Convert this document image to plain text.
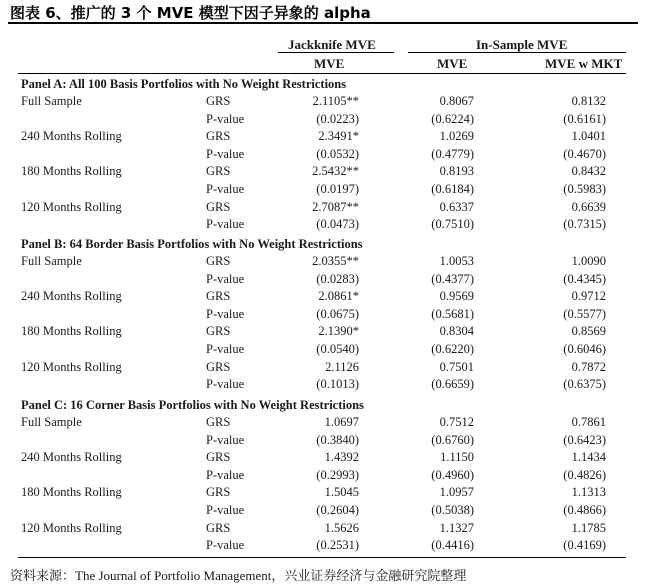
图表 6、推广的 3 个 MVE 模型下因子异象的 alpha
Jackknife MVE	In-Sample MVE
MVE	MVE	MVE w MKT
Panel A: All 100 Basis Portfolios with No Weight Restrictions
Full Sample	GRS	2.1105**	0.8067	0.8132
P-value	(0.0223)	(0.6224)	(0.6161)
240 Months Rolling	GRS	2.3491*	1.0269	1.0401
P-value	(0.0532)	(0.4779)	(0.4670)
180 Months Rolling	GRS	2.5432**	0.8193	0.8432
P-value	(0.0197)	(0.6184)	(0.5983)
120 Months Rolling	GRS	2.7087**	0.6337	0.6639
P-value	(0.0473)	(0.7510)	(0.7315)
Panel B: 64 Border Basis Portfolios with No Weight Restrictions
Full Sample	GRS	2.0355**	1.0053	1.0090
P-value	(0.0283)	(0.4377)	(0.4345)
240 Months Rolling	GRS	2.0861*	0.9569	0.9712
P-value	(0.0675)	(0.5681)	(0.5577)
180 Months Rolling	GRS	2.1390*	0.8304	0.8569
P-value	(0.0540)	(0.6220)	(0.6046)
120 Months Rolling	GRS	2.1126	0.7501	0.7872
P-value	(0.1013)	(0.6659)	(0.6375)
Panel C: 16 Corner Basis Portfolios with No Weight Restrictions
Full Sample	GRS	1.0697	0.7512	0.7861
P-value	(0.3840)	(0.6760)	(0.6423)
240 Months Rolling	GRS	1.4392	1.1150	1.1434
P-value	(0.2993)	(0.4960)	(0.4826)
180 Months Rolling	GRS	1.5045	1.0957	1.1313
P-value	(0.2604)	(0.5038)	(0.4866)
120 Months Rolling	GRS	1.5626	1.1327	1.1785
P-value	(0.2531)	(0.4416)	(0.4169)
资料来源：The Journal of Portfolio Management，兴业证券经济与金融研究院整理
